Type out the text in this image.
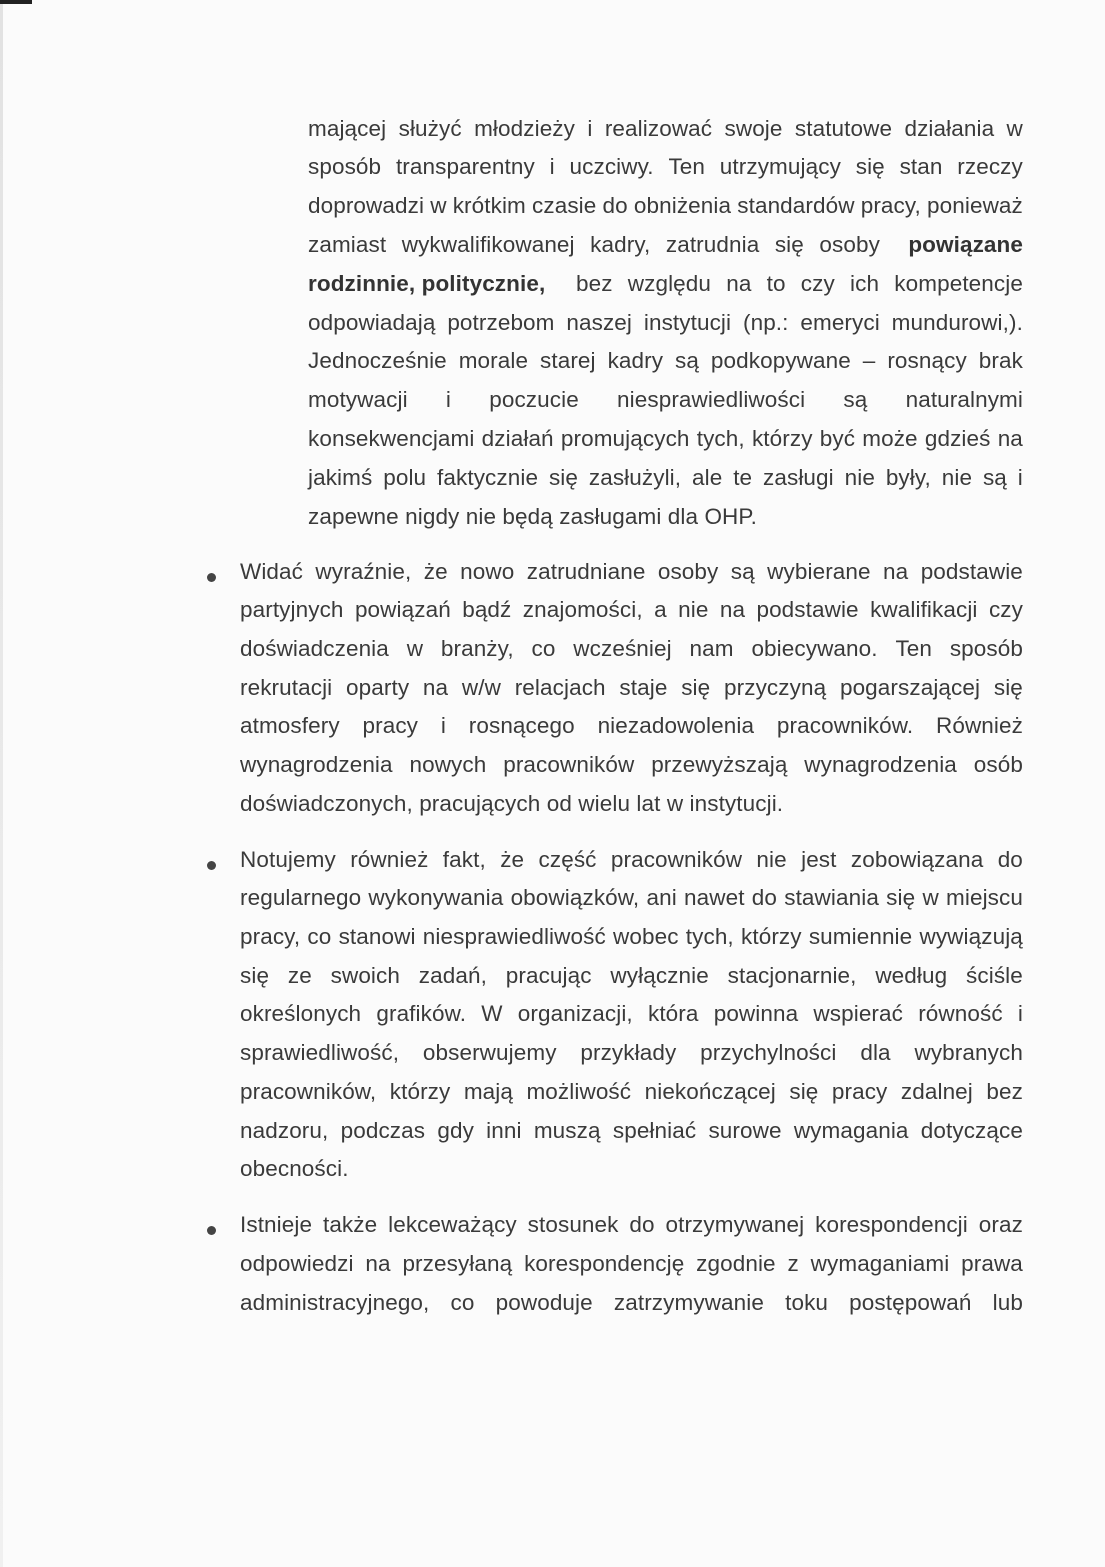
mającej służyć młodzieży i realizować swoje statutowe działania w
sposób transparentny i uczciwy. Ten utrzymujący się stan rzeczy
doprowadzi w krótkim czasie do obniżenia standardów pracy, ponieważ
zamiast wykwalifikowanej kadry, zatrudnia się osoby powiązane
rodzinnie, politycznie, bez względu na to czy ich kompetencje
odpowiadają potrzebom naszej instytucji (np.: emeryci mundurowi,).
Jednocześnie morale starej kadry są podkopywane – rosnący brak
motywacji i poczucie niesprawiedliwości są naturalnymi
konsekwencjami działań promujących tych, którzy być może gdzieś na
jakimś polu faktycznie się zasłużyli, ale te zasługi nie były, nie są i
zapewne nigdy nie będą zasługami dla OHP.
Widać wyraźnie, że nowo zatrudniane osoby są wybierane na podstawie
partyjnych powiązań bądź znajomości, a nie na podstawie kwalifikacji czy
doświadczenia w branży, co wcześniej nam obiecywano. Ten sposób
rekrutacji oparty na w/w relacjach staje się przyczyną pogarszającej się
atmosfery pracy i rosnącego niezadowolenia pracowników. Również
wynagrodzenia nowych pracowników przewyższają wynagrodzenia osób
doświadczonych, pracujących od wielu lat w instytucji.
Notujemy również fakt, że część pracowników nie jest zobowiązana do
regularnego wykonywania obowiązków, ani nawet do stawiania się w miejscu
pracy, co stanowi niesprawiedliwość wobec tych, którzy sumiennie wywiązują
się ze swoich zadań, pracując wyłącznie stacjonarnie, według ściśle
określonych grafików. W organizacji, która powinna wspierać równość i
sprawiedliwość, obserwujemy przykłady przychylności dla wybranych
pracowników, którzy mają możliwość niekończącej się pracy zdalnej bez
nadzoru, podczas gdy inni muszą spełniać surowe wymagania dotyczące
obecności.
Istnieje także lekceważący stosunek do otrzymywanej korespondencji oraz
odpowiedzi na przesyłaną korespondencję zgodnie z wymaganiami prawa
administracyjnego, co powoduje zatrzymywanie toku postępowań lub
